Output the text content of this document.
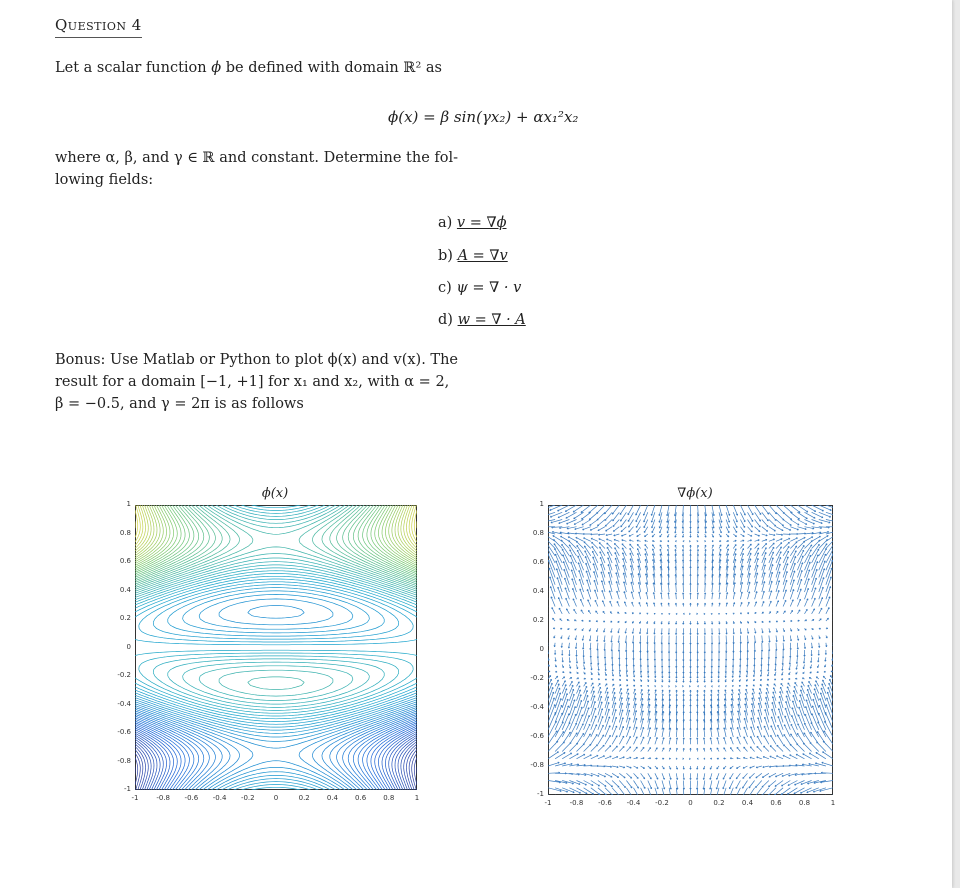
Question 4
Let a scalar function ϕ be defined with domain ℝ² as
ϕ(x) = β sin(γx₂) + αx₁²x₂
where α, β, and γ ∈ ℝ and constant. Determine the fol-
lowing fields:
a) v = ∇ϕ
b) A = ∇v
c) ψ = ∇ · v
d) w = ∇ · A
Bonus: Use Matlab or Python to plot ϕ(x) and v(x). The
result for a domain [−1, +1] for x₁ and x₂, with α = 2,
β = −0.5, and γ = 2π is as follows
ϕ(x)
1
0.8
0.6
0.4
0.2
0
-0.2
-0.4
-0.6
-0.8
-1
-1	-0.8	-0.6	-0.4	-0.2	0	0.2	0.4	0.6	0.8	1
∇ϕ(x)
1
0.8
0.6
0.4
0.2
0
-0.2
-0.4
-0.6
-0.8
-1
-1	-0.8	-0.6	-0.4	-0.2	0	0.2	0.4	0.6	0.8	1
